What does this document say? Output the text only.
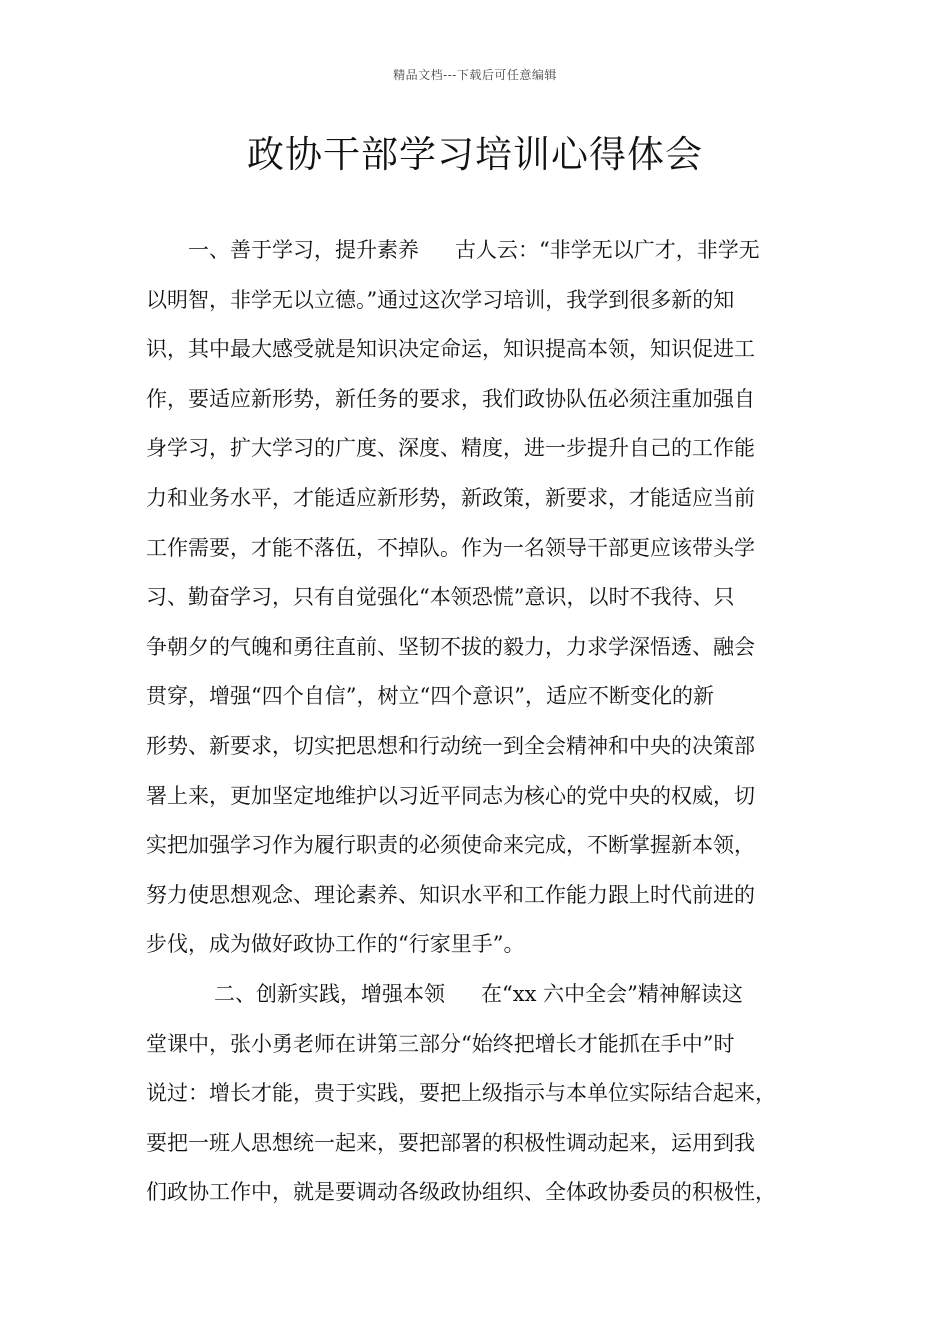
精品文档---下载后可任意编辑
政协干部学习培训心得体会
一、善于学习，提升素养 古人云：“非学无以广才，非学无
以明智，非学无以立德。”通过这次学习培训，我学到很多新的知
识，其中最大感受就是知识决定命运，知识提高本领，知识促进工
作，要适应新形势，新任务的要求，我们政协队伍必须注重加强自
身学习，扩大学习的广度、深度、精度，进一步提升自己的工作能
力和业务水平，才能适应新形势，新政策，新要求，才能适应当前
工作需要，才能不落伍，不掉队。作为一名领导干部更应该带头学
习、勤奋学习，只有自觉强化“本领恐慌”意识，以时不我待、只
争朝夕的气魄和勇往直前、坚韧不拔的毅力，力求学深悟透、融会
贯穿，增强“四个自信”，树立“四个意识”，适应不断变化的新
形势、新要求，切实把思想和行动统一到全会精神和中央的决策部
署上来，更加坚定地维护以习近平同志为核心的党中央的权威，切
实把加强学习作为履行职责的必须使命来完成，不断掌握新本领，
努力使思想观念、理论素养、知识水平和工作能力跟上时代前进的
步伐，成为做好政协工作的“行家里手”。
二、创新实践，增强本领 在“xx 六中全会”精神解读这
堂课中，张小勇老师在讲第三部分“始终把增长才能抓在手中”时
说过：增长才能，贵于实践，要把上级指示与本单位实际结合起来，
要把一班人思想统一起来，要把部署的积极性调动起来，运用到我
们政协工作中，就是要调动各级政协组织、全体政协委员的积极性，
